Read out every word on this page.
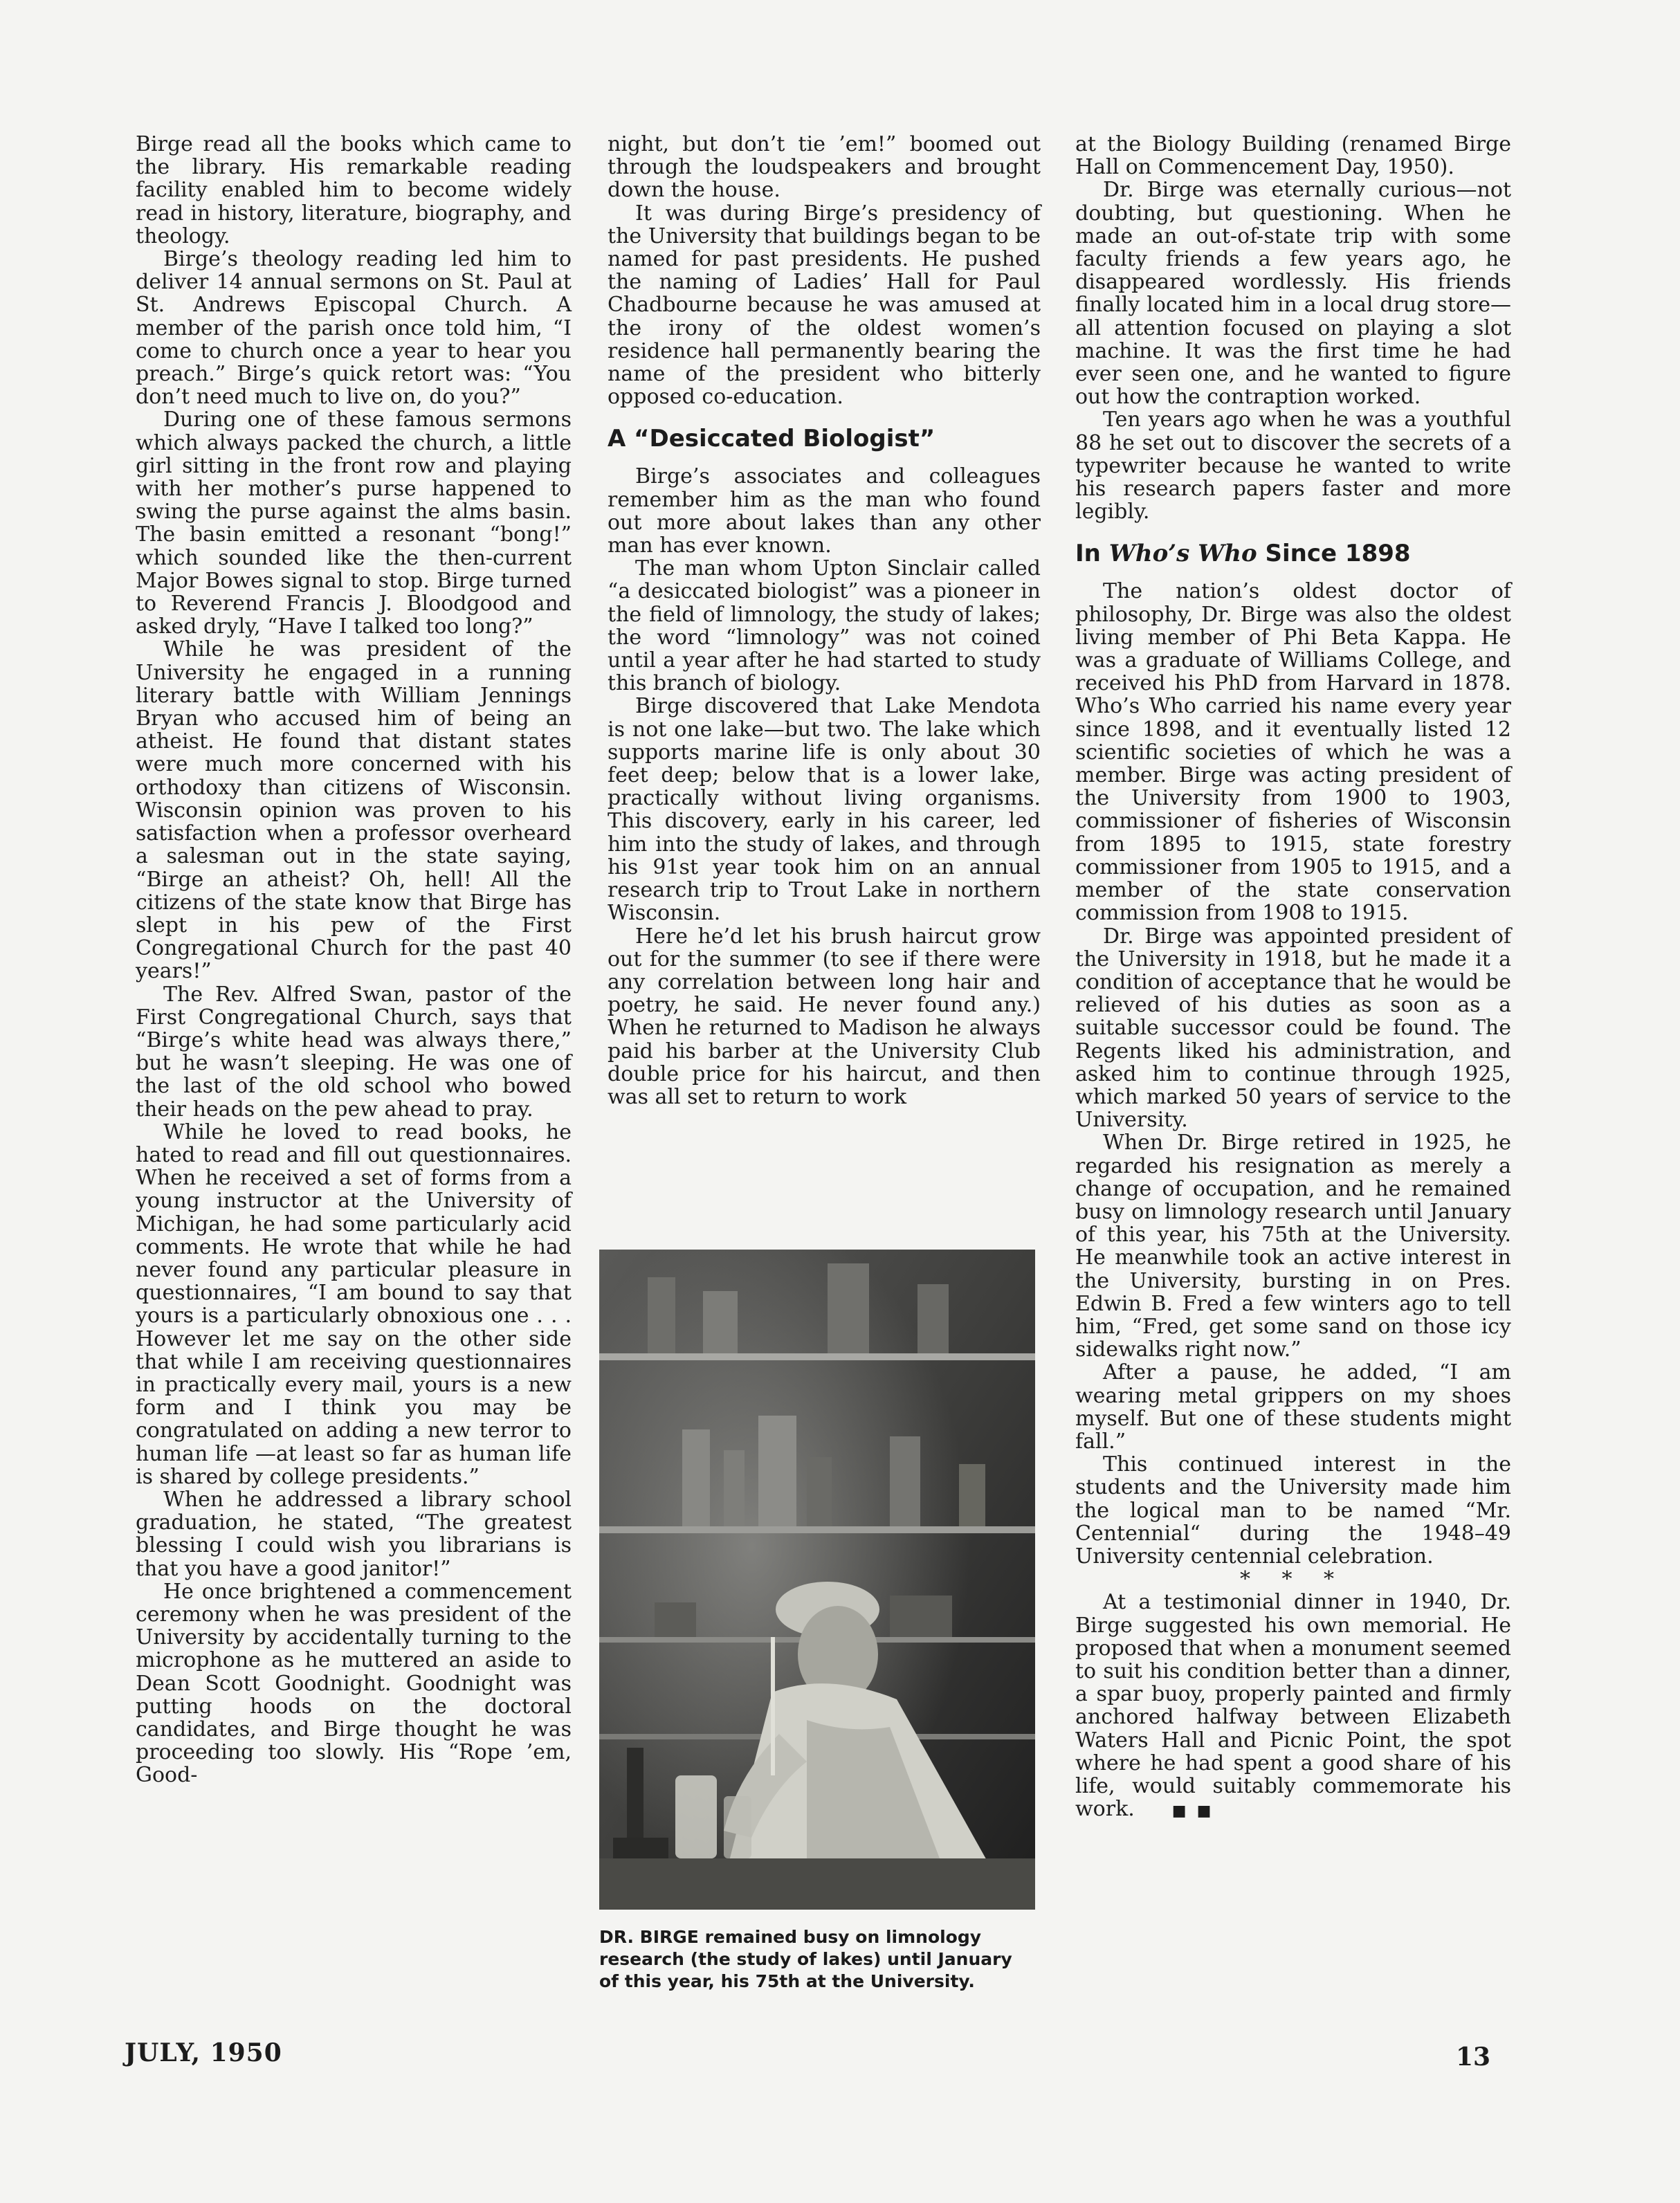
Birge read all the books which came to the library. His remarkable reading facility enabled him to become widely read in history, literature, biography, and theology.

Birge’s theology reading led him to deliver 14 annual sermons on St. Paul at St. Andrews Episcopal Church. A member of the parish once told him, “I come to church once a year to hear you preach.” Birge’s quick retort was: “You don’t need much to live on, do you?”

During one of these famous sermons which always packed the church, a little girl sitting in the front row and playing with her mother’s purse happened to swing the purse against the alms basin. The basin emitted a resonant “bong!” which sounded like the then-current Major Bowes signal to stop. Birge turned to Reverend Francis J. Bloodgood and asked dryly, “Have I talked too long?”

While he was president of the University he engaged in a running literary battle with William Jennings Bryan who accused him of being an atheist. He found that distant states were much more concerned with his orthodoxy than citizens of Wisconsin. Wisconsin opinion was proven to his satisfaction when a professor overheard a salesman out in the state saying, “Birge an atheist? Oh, hell! All the citizens of the state know that Birge has slept in his pew of the First Congregational Church for the past 40 years!”

The Rev. Alfred Swan, pastor of the First Congregational Church, says that “Birge’s white head was always there,” but he wasn’t sleeping. He was one of the last of the old school who bowed their heads on the pew ahead to pray.

While he loved to read books, he hated to read and fill out questionnaires. When he received a set of forms from a young instructor at the University of Michigan, he had some particularly acid comments. He wrote that while he had never found any particular pleasure in questionnaires, “I am bound to say that yours is a particularly obnoxious one . . . However let me say on the other side that while I am receiving questionnaires in practically every mail, yours is a new form and I think you may be congratulated on adding a new terror to human life —at least so far as human life is shared by college presidents.”

When he addressed a library school graduation, he stated, “The greatest blessing I could wish you librarians is that you have a good janitor!”

He once brightened a commencement ceremony when he was president of the University by accidentally turning to the microphone as he muttered an aside to Dean Scott Goodnight. Goodnight was putting hoods on the doctoral candidates, and Birge thought he was proceeding too slowly. His “Rope ’em, Good-

night, but don’t tie ’em!” boomed out through the loudspeakers and brought down the house.

It was during Birge’s presidency of the University that buildings began to be named for past presidents. He pushed the naming of Ladies’ Hall for Paul Chadbourne because he was amused at the irony of the oldest women’s residence hall permanently bearing the name of the president who bitterly opposed co-education.

A “Desiccated Biologist”

Birge’s associates and colleagues remember him as the man who found out more about lakes than any other man has ever known.

The man whom Upton Sinclair called “a desiccated biologist” was a pioneer in the field of limnology, the study of lakes; the word “limnology” was not coined until a year after he had started to study this branch of biology.

Birge discovered that Lake Mendota is not one lake—but two. The lake which supports marine life is only about 30 feet deep; below that is a lower lake, practically without living organisms. This discovery, early in his career, led him into the study of lakes, and through his 91st year took him on an annual research trip to Trout Lake in northern Wisconsin.

Here he’d let his brush haircut grow out for the summer (to see if there were any correlation between long hair and poetry, he said. He never found any.) When he returned to Madison he always paid his barber at the University Club double price for his haircut, and then was all set to return to work

DR. BIRGE remained busy on limnology research (the study of lakes) until January of this year, his 75th at the University.

at the Biology Building (renamed Birge Hall on Commencement Day, 1950).

Dr. Birge was eternally curious—not doubting, but questioning. When he made an out-of-state trip with some faculty friends a few years ago, he disappeared wordlessly. His friends finally located him in a local drug store—all attention focused on playing a slot machine. It was the first time he had ever seen one, and he wanted to figure out how the contraption worked.

Ten years ago when he was a youthful 88 he set out to discover the secrets of a typewriter because he wanted to write his research papers faster and more legibly.

In Who’s Who Since 1898

The nation’s oldest doctor of philosophy, Dr. Birge was also the oldest living member of Phi Beta Kappa. He was a graduate of Williams College, and received his PhD from Harvard in 1878. Who’s Who carried his name every year since 1898, and it eventually listed 12 scientific societies of which he was a member. Birge was acting president of the University from 1900 to 1903, commissioner of fisheries of Wisconsin from 1895 to 1915, state forestry commissioner from 1905 to 1915, and a member of the state conservation commission from 1908 to 1915.

Dr. Birge was appointed president of the University in 1918, but he made it a condition of acceptance that he would be relieved of his duties as soon as a suitable successor could be found. The Regents liked his administration, and asked him to continue through 1925, which marked 50 years of service to the University.

When Dr. Birge retired in 1925, he regarded his resignation as merely a change of occupation, and he remained busy on limnology research until January of this year, his 75th at the University. He meanwhile took an active interest in the University, bursting in on Pres. Edwin B. Fred a few winters ago to tell him, “Fred, get some sand on those icy sidewalks right now.”

After a pause, he added, “I am wearing metal grippers on my shoes myself. But one of these students might fall.”

This continued interest in the students and the University made him the logical man to be named “Mr. Centennial“ during the 1948–49 University centennial celebration.

* * *

At a testimonial dinner in 1940, Dr. Birge suggested his own memorial. He proposed that when a monument seemed to suit his condition better than a dinner, a spar buoy, properly painted and firmly anchored halfway between Elizabeth Waters Hall and Picnic Point, the spot where he had spent a good share of his life, would suitably commemorate his work. ■ ■

JULY, 1950	13
